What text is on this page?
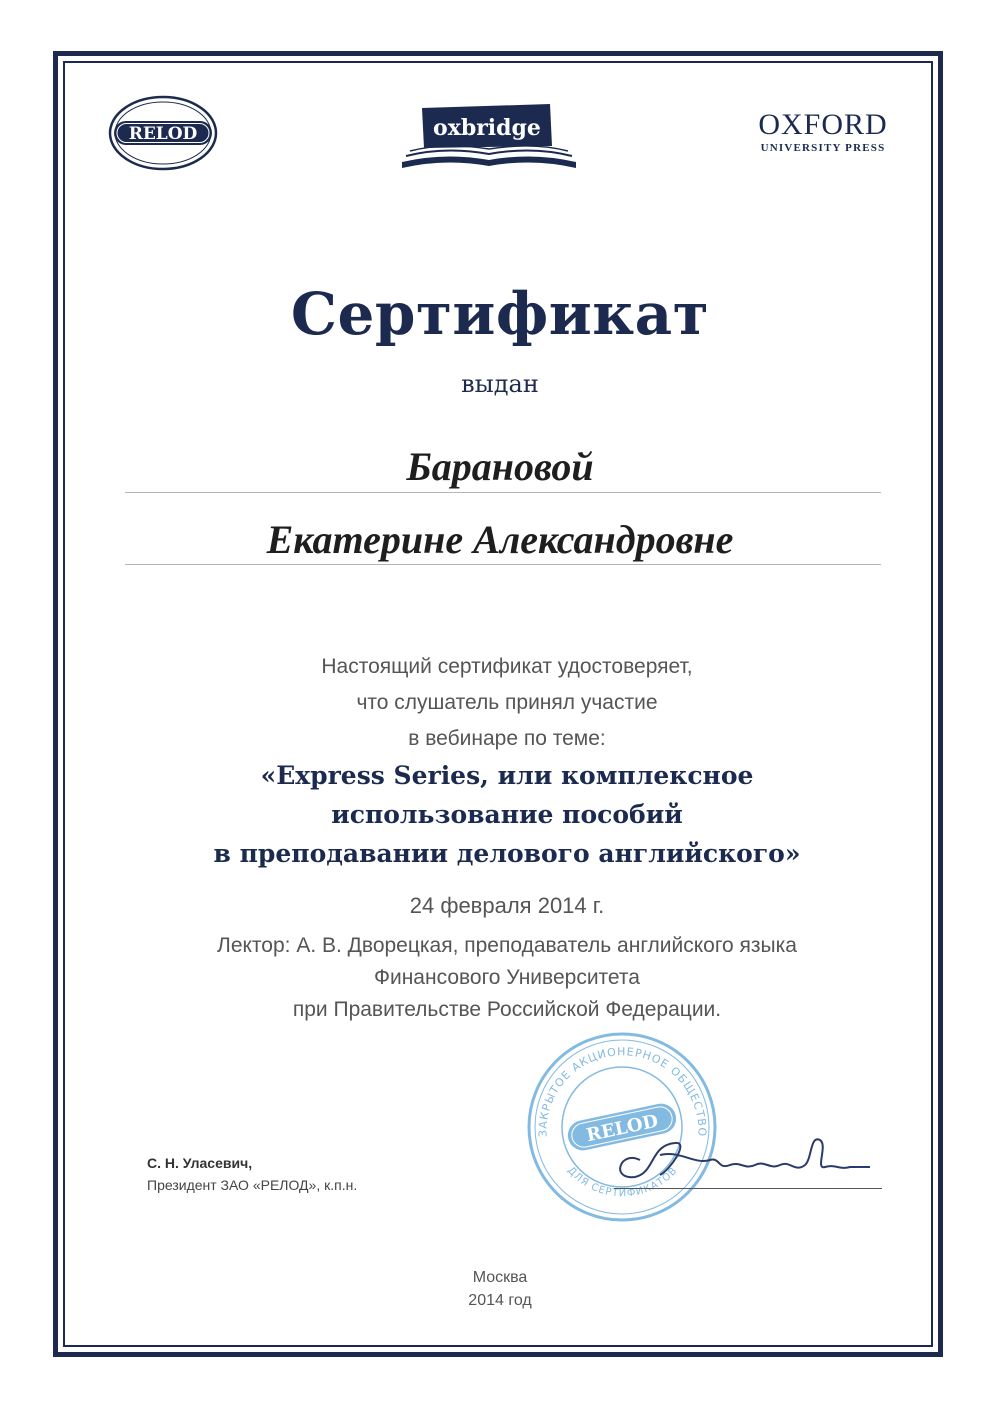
RELOD	oxbridge	OXFORD
UNIVERSITY PRESS
Сертификат
выдан
Барановой
Екатерине Александровне
Настоящий сертификат удостоверяет,
что слушатель принял участие
в вебинаре по теме:
«Express Series, или комплексное
использование пособий
в преподавании делового английского»
24 февраля 2014 г.
Лектор: А. В. Дворецкая, преподаватель английского языка
Финансового Университета
при Правительстве Российской Федерации.
ЗАКРЫТОЕ АКЦИОНЕРНОЕ ОБЩЕСТВО
ДЛЯ СЕРТИФИКАТОВ
RELOD
С. Н. Уласевич,
Президент ЗАО «РЕЛОД», к.п.н.
Москва
2014 год
